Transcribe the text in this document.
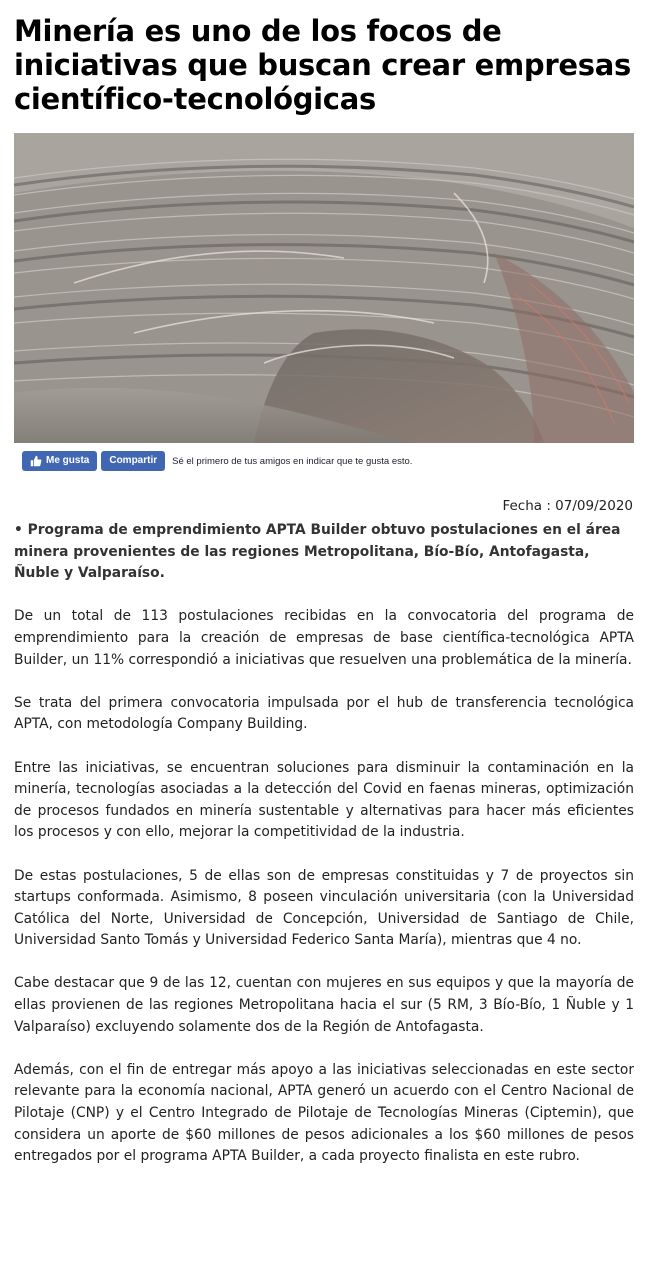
Minería es uno de los focos de iniciativas que buscan crear empresas científico-tecnológicas
Me gusta Compartir Sé el primero de tus amigos en indicar que te gusta esto.
Fecha : 07/09/2020

• Programa de emprendimiento APTA Builder obtuvo postulaciones en el área minera provenientes de las regiones Metropolitana, Bío-Bío, Antofagasta, Ñuble y Valparaíso.

De un total de 113 postulaciones recibidas en la convocatoria del programa de emprendimiento para la creación de empresas de base científica-tecnológica APTA Builder, un 11% correspondió a iniciativas que resuelven una problemática de la minería.

Se trata del primera convocatoria impulsada por el hub de transferencia tecnológica APTA, con metodología Company Building.

Entre las iniciativas, se encuentran soluciones para disminuir la contaminación en la minería, tecnologías asociadas a la detección del Covid en faenas mineras, optimización de procesos fundados en minería sustentable y alternativas para hacer más eficientes los procesos y con ello, mejorar la competitividad de la industria.

De estas postulaciones, 5 de ellas son de empresas constituidas y 7 de proyectos sin startups conformada. Asimismo, 8 poseen vinculación universitaria (con la Universidad Católica del Norte, Universidad de Concepción, Universidad de Santiago de Chile, Universidad Santo Tomás y Universidad Federico Santa María), mientras que 4 no.

Cabe destacar que 9 de las 12, cuentan con mujeres en sus equipos y que la mayoría de ellas provienen de las regiones Metropolitana hacia el sur (5 RM, 3 Bío-Bío, 1 Ñuble y 1 Valparaíso) excluyendo solamente dos de la Región de Antofagasta.

Además, con el fin de entregar más apoyo a las iniciativas seleccionadas en este sector relevante para la economía nacional, APTA generó un acuerdo con el Centro Nacional de Pilotaje (CNP) y el Centro Integrado de Pilotaje de Tecnologías Mineras (Ciptemin), que considera un aporte de $60 millones de pesos adicionales a los $60 millones de pesos entregados por el programa APTA Builder, a cada proyecto finalista en este rubro.
